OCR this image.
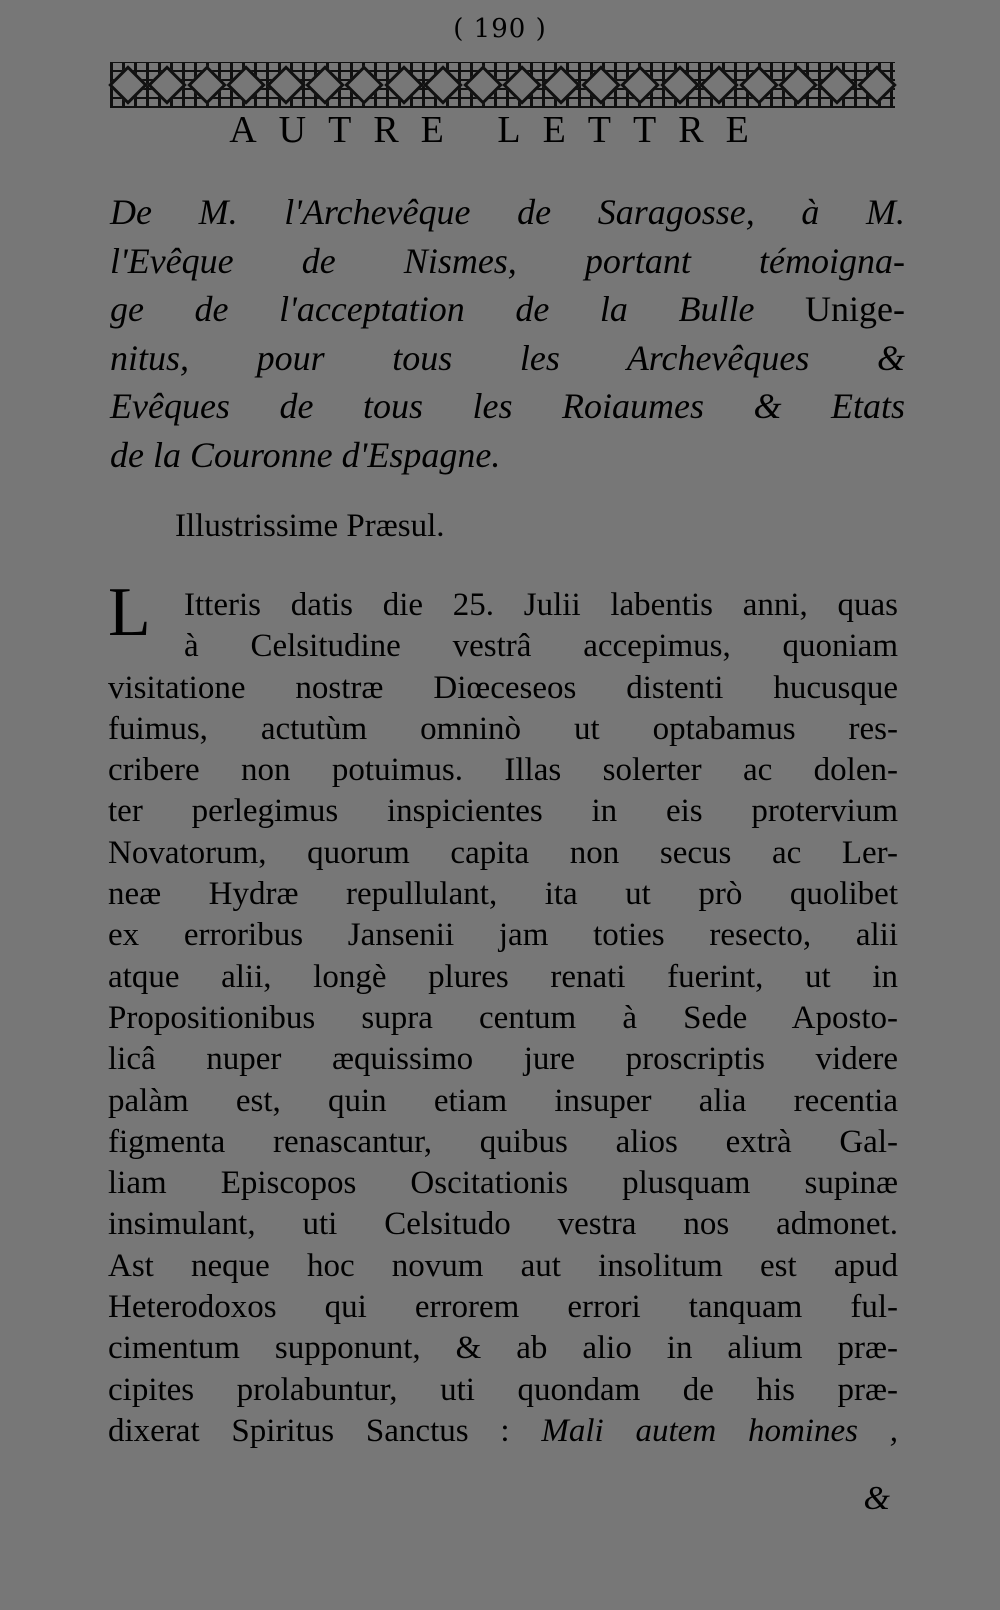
( 190 )
AUTRE LETTRE
De M. l'Archevêque de Saragosse, à M.
l'Evêque de Nismes, portant témoigna-
ge de l'acceptation de la Bulle Unige-
nitus, pour tous les Archevêques &
Evêques de tous les Roiaumes & Etats
de la Couronne d'Espagne.
Illustrissime Præsul.
L	Itteris datis die 25. Julii labentis anni, quas
à Celsitudine vestrâ accepimus, quoniam
visitatione nostræ Diœceseos distenti hucusque
fuimus, actutùm omninò ut optabamus res-
cribere non potuimus. Illas solerter ac dolen-
ter perlegimus inspicientes in eis protervium
Novatorum, quorum capita non secus ac Ler-
neæ Hydræ repullulant, ita ut prò quolibet
ex erroribus Jansenii jam toties resecto, alii
atque alii, longè plures renati fuerint, ut in
Propositionibus supra centum à Sede Aposto-
licâ nuper æquissimo jure proscriptis videre
palàm est, quin etiam insuper alia recentia
figmenta renascantur, quibus alios extrà Gal-
liam Episcopos Oscitationis plusquam supinæ
insimulant, uti Celsitudo vestra nos admonet.
Ast neque hoc novum aut insolitum est apud
Heterodoxos qui errorem errori tanquam ful-
cimentum supponunt, & ab alio in alium præ-
cipites prolabuntur, uti quondam de his præ-
dixerat Spiritus Sanctus : Mali autem homines ,
&
